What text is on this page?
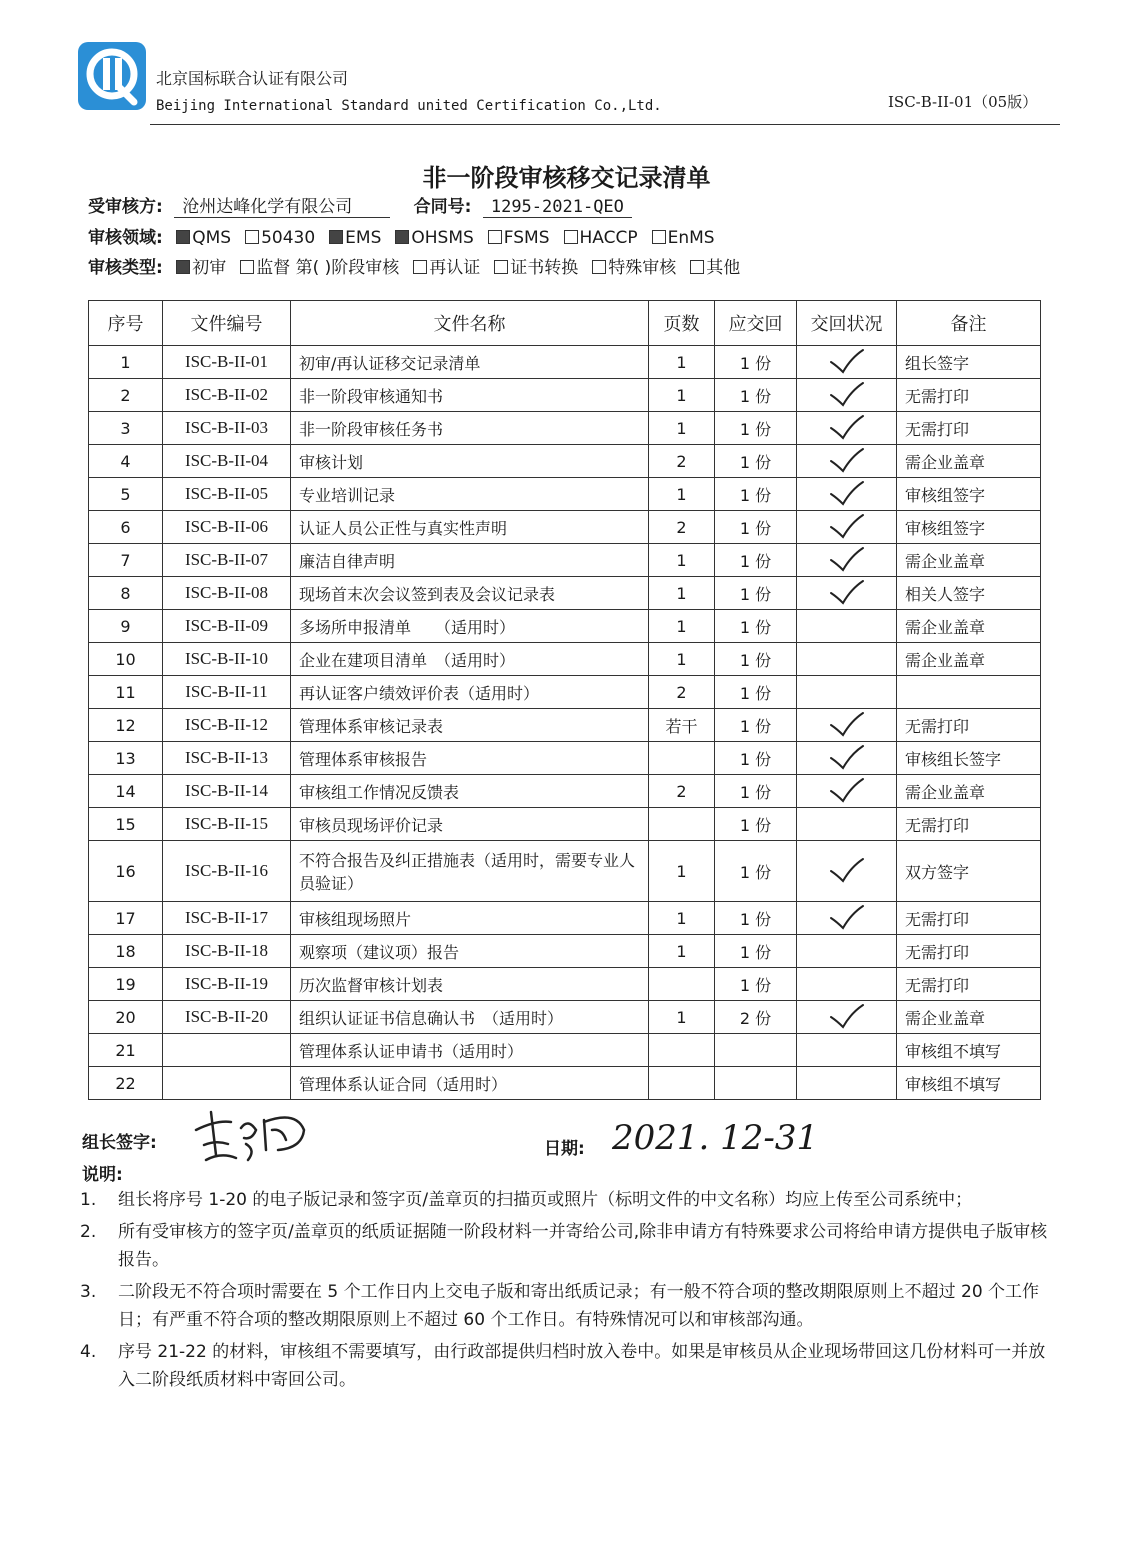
北京国标联合认证有限公司
Beijing International Standard united Certification Co.,Ltd.	ISC-B-II-01（05版）
非一阶段审核移交记录清单
受审核方: 沧州达峰化学有限公司	合同号: 1295-2021-QEO
审核领域: QMS 50430 EMS OHSMS FSMS HACCP EnMS
审核类型: 初审 监督 第( )阶段审核 再认证 证书转换 特殊审核 其他
序号	文件编号	文件名称	页数	应交回	交回状况	备注
1	ISC-B-II-01	初审/再认证移交记录清单	1	1 份		组长签字
2	ISC-B-II-02	非一阶段审核通知书	1	1 份		无需打印
3	ISC-B-II-03	非一阶段审核任务书	1	1 份		无需打印
4	ISC-B-II-04	审核计划	2	1 份		需企业盖章
5	ISC-B-II-05	专业培训记录	1	1 份		审核组签字
6	ISC-B-II-06	认证人员公正性与真实性声明	2	1 份		审核组签字
7	ISC-B-II-07	廉洁自律声明	1	1 份		需企业盖章
8	ISC-B-II-08	现场首末次会议签到表及会议记录表	1	1 份		相关人签字
9	ISC-B-II-09	多场所申报清单　　（适用时）	1	1 份		需企业盖章
10	ISC-B-II-10	企业在建项目清单　（适用时）	1	1 份		需企业盖章
11	ISC-B-II-11	再认证客户绩效评价表（适用时）	2	1 份		
12	ISC-B-II-12	管理体系审核记录表	若干	1 份		无需打印
13	ISC-B-II-13	管理体系审核报告		1 份		审核组长签字
14	ISC-B-II-14	审核组工作情况反馈表	2	1 份		需企业盖章
15	ISC-B-II-15	审核员现场评价记录		1 份		无需打印
16	ISC-B-II-16	不符合报告及纠正措施表（适用时，需要专业人员验证）	1	1 份		双方签字
17	ISC-B-II-17	审核组现场照片	1	1 份		无需打印
18	ISC-B-II-18	观察项（建议项）报告	1	1 份		无需打印
19	ISC-B-II-19	历次监督审核计划表		1 份		无需打印
20	ISC-B-II-20	组织认证证书信息确认书　（适用时）	1	2 份		需企业盖章
21		管理体系认证申请书（适用时）				审核组不填写
22		管理体系认证合同（适用时）				审核组不填写
组长签字:	日期: 2021. 12-31
说明:
1. 组长将序号 1-20 的电子版记录和签字页/盖章页的扫描页或照片（标明文件的中文名称）均应上传至公司系统中；
2. 所有受审核方的签字页/盖章页的纸质证据随一阶段材料一并寄给公司,除非申请方有特殊要求公司将给申请方提供电子版审核报告。
3. 二阶段无不符合项时需要在 5 个工作日内上交电子版和寄出纸质记录；有一般不符合项的整改期限原则上不超过 20 个工作日；有严重不符合项的整改期限原则上不超过 60 个工作日。有特殊情况可以和审核部沟通。
4. 序号 21-22 的材料，审核组不需要填写，由行政部提供归档时放入卷中。如果是审核员从企业现场带回这几份材料可一并放入二阶段纸质材料中寄回公司。
